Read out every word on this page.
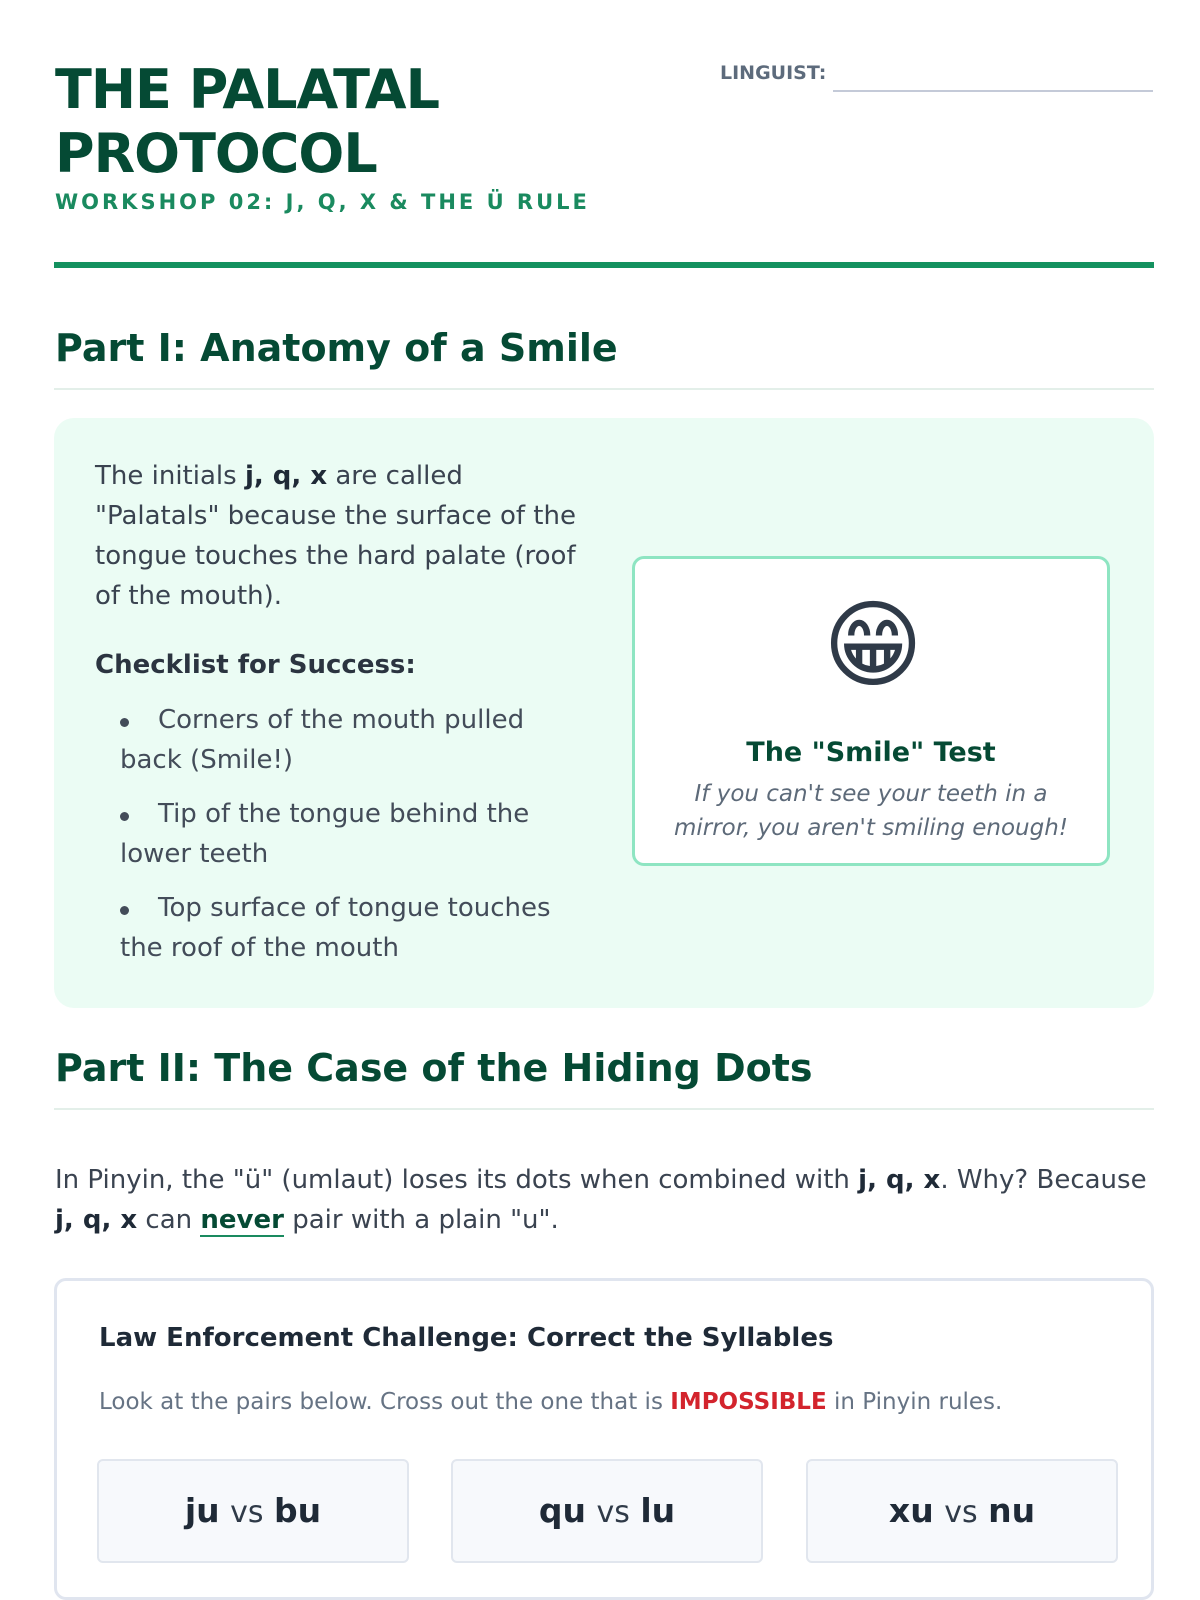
THE PALATAL
PROTOCOL
WORKSHOP 02: J, Q, X & THE Ü RULE
LINGUIST:
Part I: Anatomy of a Smile
The initials j, q, x are called "Palatals" because the surface of the tongue touches the hard palate (roof of the mouth).
Checklist for Success:
Corners of the mouth pulled back (Smile!)
Tip of the tongue behind the lower teeth
Top surface of tongue touches the roof of the mouth
😁
The "Smile" Test
If you can't see your teeth in a mirror, you aren't smiling enough!
Part II: The Case of the Hiding Dots
In Pinyin, the "ü" (umlaut) loses its dots when combined with j, q, x. Why? Because j, q, x can never pair with a plain "u".
Law Enforcement Challenge: Correct the Syllables
Look at the pairs below. Cross out the one that is IMPOSSIBLE in Pinyin rules.
ju vs bu	qu vs lu	xu vs nu
